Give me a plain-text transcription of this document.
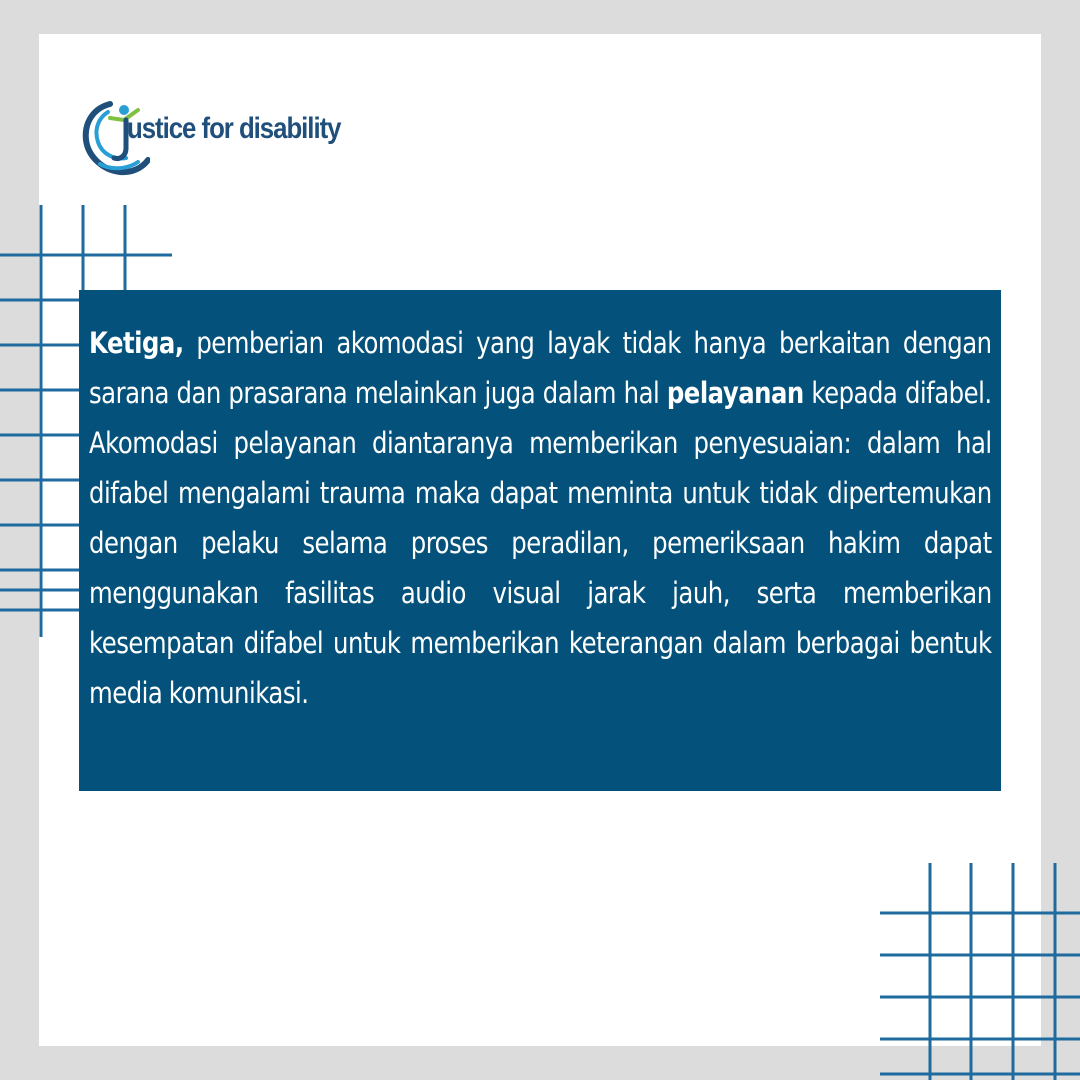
ustice for disability

Ketiga, pemberian akomodasi yang layak tidak hanya berkaitan dengan sarana dan prasarana melainkan juga dalam hal pelayanan kepada difabel. Akomodasi pelayanan diantaranya memberikan penyesuaian: dalam hal difabel mengalami trauma maka dapat meminta untuk tidak dipertemukan dengan pelaku selama proses peradilan, pemeriksaan hakim dapat menggunakan fasilitas audio visual jarak jauh, serta memberikan kesempatan difabel untuk memberikan keterangan dalam berbagai bentuk media komunikasi.
